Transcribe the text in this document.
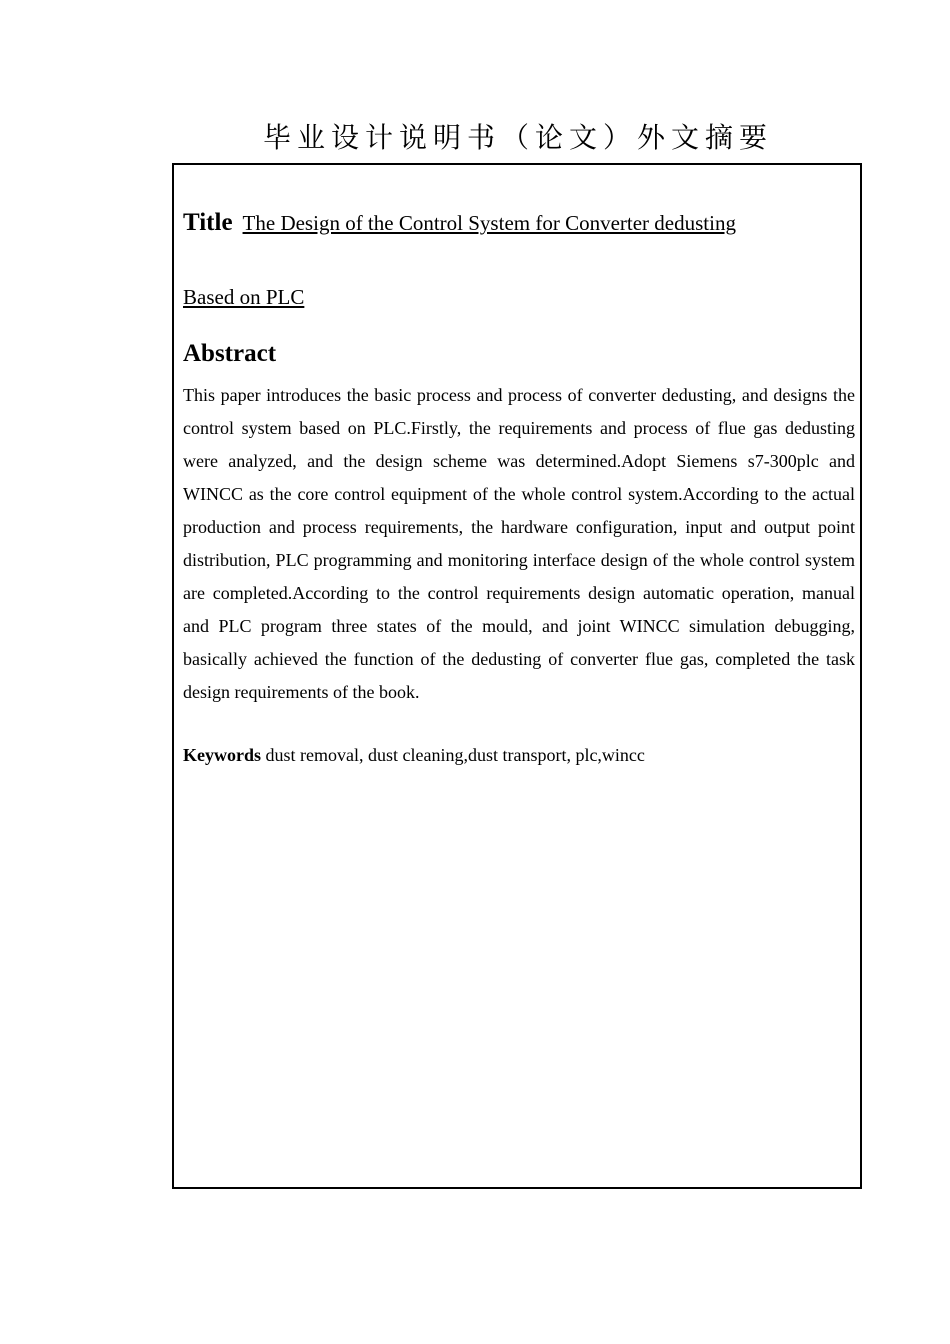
毕业设计说明书（论文）外文摘要
Title The Design of the Control System for Converter dedusting
Based on PLC
Abstract

This paper introduces the basic process and process of converter dedusting, and designs the control system based on PLC.Firstly, the requirements and process of flue gas dedusting were analyzed, and the design scheme was determined.Adopt Siemens s7-300plc and WINCC as the core control equipment of the whole control system.According to the actual production and process requirements, the hardware configuration, input and output point distribution, PLC programming and monitoring interface design of the whole control system are completed.According to the control requirements design automatic operation, manual and PLC program three states of the mould, and joint WINCC simulation debugging, basically achieved the function of the dedusting of converter flue gas, completed the task design requirements of the book.

Keywords dust removal, dust cleaning,dust transport, plc,wincc
